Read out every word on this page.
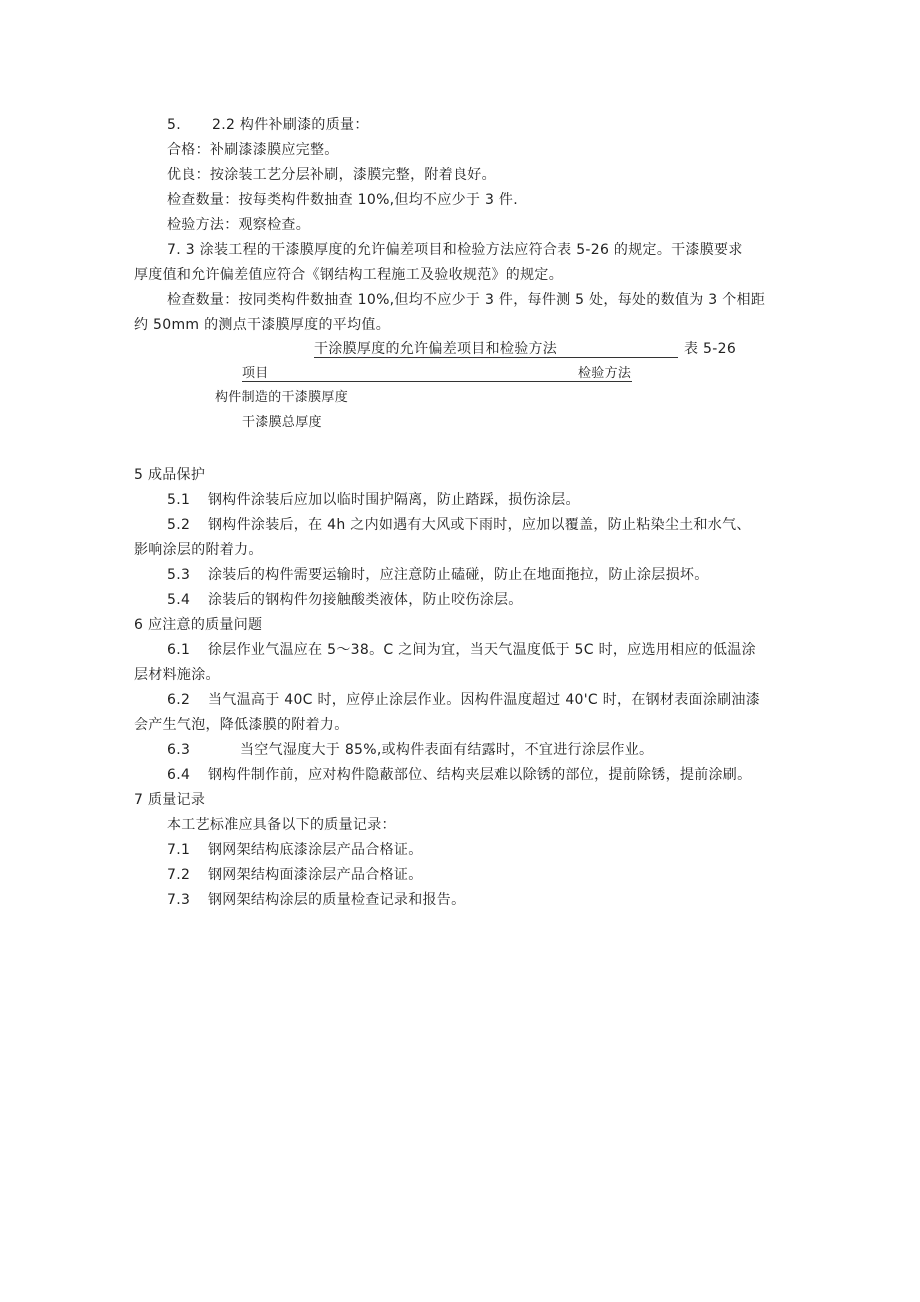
5. 2.2 构件补刷漆的质量：
合格：补刷漆漆膜应完整。
优良：按涂装工艺分层补刷，漆膜完整，附着良好。
检查数量：按每类构件数抽查 10%,但均不应少于 3 件.
检验方法：观察检查。
7. 3 涂装工程的干漆膜厚度的允许偏差项目和检验方法应符合表 5-26 的规定。干漆膜要求
厚度值和允许偏差值应符合《钢结构工程施工及验收规范》的规定。
检查数量：按同类构件数抽查 10%,但均不应少于 3 件，每件测 5 处，每处的数值为 3 个相距
约 50mm 的测点干漆膜厚度的平均值。
干涂膜厚度的允许偏差项目和检验方法	表 5-26
项目	检验方法
构件制造的干漆膜厚度
干漆膜总厚度
5 成品保护
5.1 钢构件涂装后应加以临时围护隔离，防止踏踩，损伤涂层。
5.2 钢构件涂装后，在 4h 之内如遇有大风或下雨时，应加以覆盖，防止粘染尘土和水气、
影响涂层的附着力。
5.3 涂装后的构件需要运输时，应注意防止磕碰，防止在地面拖拉，防止涂层损坏。
5.4 涂装后的钢构件勿接触酸类液体，防止咬伤涂层。
6 应注意的质量问题
6.1 徐层作业气温应在 5～38。C 之间为宜，当天气温度低于 5C 时，应选用相应的低温涂
层材料施涂。
6.2 当气温高于 40C 时，应停止涂层作业。因构件温度超过 40'C 时，在钢材表面涂刷油漆
会产生气泡，降低漆膜的附着力。
6.3	当空气湿度大于 85%,或构件表面有结露时，不宜进行涂层作业。
6.4 钢构件制作前，应对构件隐蔽部位、结构夹层难以除锈的部位，提前除锈，提前涂刷。
7 质量记录
本工艺标准应具备以下的质量记录：
7.1 钢网架结构底漆涂层产品合格证。
7.2 钢网架结构面漆涂层产品合格证。
7.3 钢网架结构涂层的质量检查记录和报告。
